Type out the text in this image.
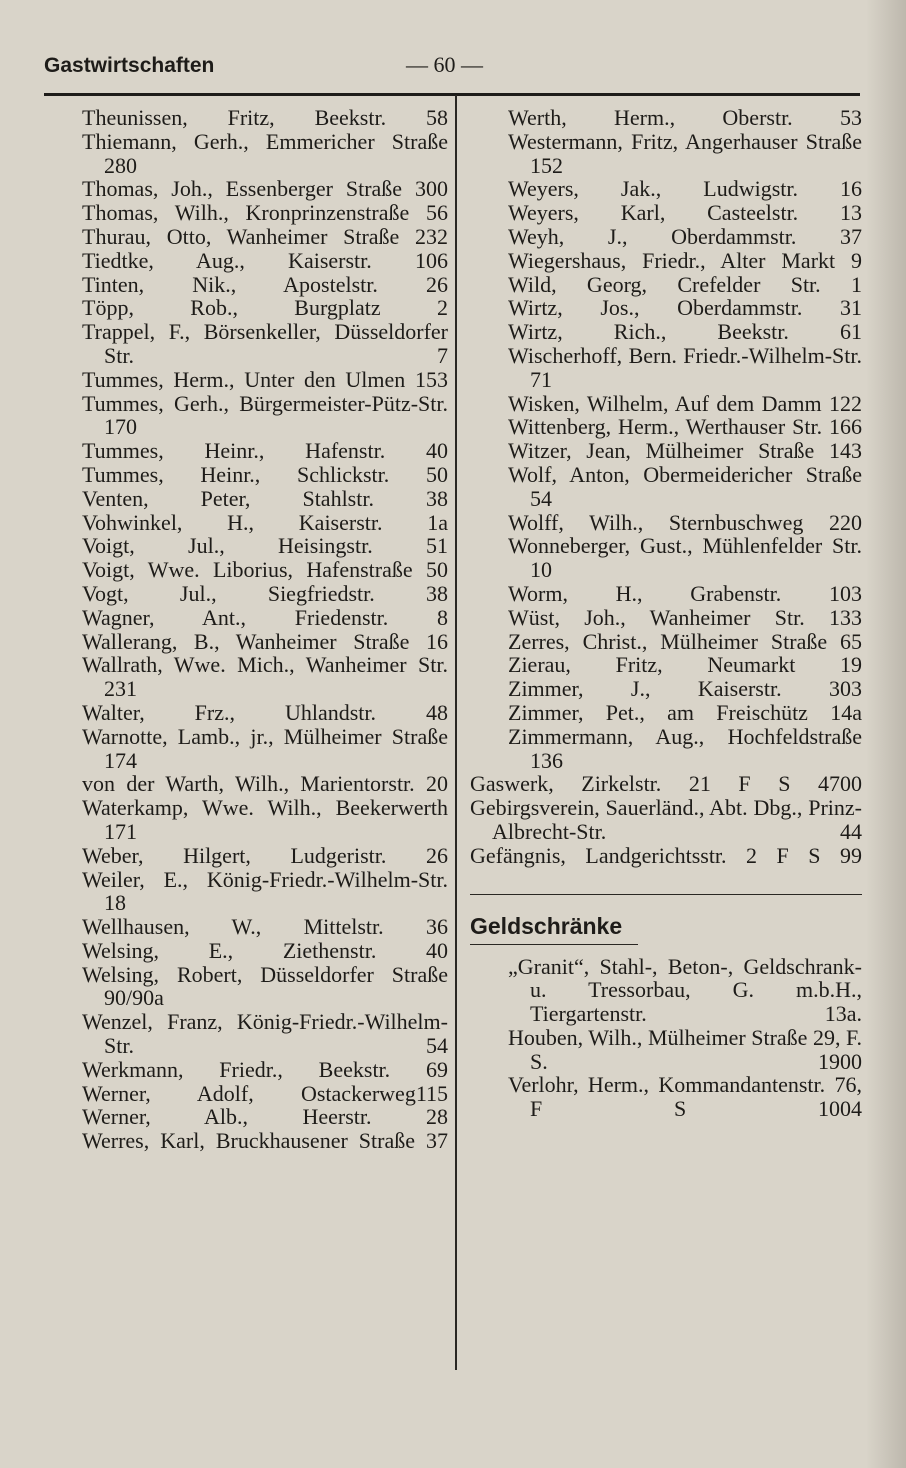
Gastwirtschaften	— 60 —

Theunissen, Fritz, Beekstr. 58

Thiemann, Gerh., Emmericher Straße 280

Thomas, Joh., Essenberger Straße 300

Thomas, Wilh., Kronprinzenstraße 56

Thurau, Otto, Wanheimer Straße 232

Tiedtke, Aug., Kaiserstr. 106

Tinten, Nik., Apostelstr. 26

Töpp, Rob., Burgplatz 2

Trappel, F., Börsenkeller, Düsseldorfer Str. 7

Tummes, Herm., Unter den Ulmen 153

Tummes, Gerh., Bürgermeister-Pütz-Str. 170

Tummes, Heinr., Hafenstr. 40

Tummes, Heinr., Schlickstr. 50

Venten, Peter, Stahlstr. 38

Vohwinkel, H., Kaiserstr. 1a

Voigt, Jul., Heisingstr. 51

Voigt, Wwe. Liborius, Hafenstraße 50

Vogt, Jul., Siegfriedstr. 38

Wagner, Ant., Friedenstr. 8

Wallerang, B., Wanheimer Straße 16

Wallrath, Wwe. Mich., Wanheimer Str. 231

Walter, Frz., Uhlandstr. 48

Warnotte, Lamb., jr., Mülheimer Straße 174

von der Warth, Wilh., Marientorstr. 20

Waterkamp, Wwe. Wilh., Beekerwerth 171

Weber, Hilgert, Ludgeristr. 26

Weiler, E., König-Friedr.-Wilhelm-Str. 18

Wellhausen, W., Mittelstr. 36

Welsing, E., Ziethenstr. 40

Welsing, Robert, Düsseldorfer Straße 90/90a

Wenzel, Franz, König-Friedr.-Wilhelm-Str. 54

Werkmann, Friedr., Beekstr. 69

Werner, Adolf, Ostackerweg115

Werner, Alb., Heerstr. 28

Werres, Karl, Bruckhausener Straße 37

Werth, Herm., Oberstr. 53

Westermann, Fritz, Angerhauser Straße 152

Weyers, Jak., Ludwigstr. 16

Weyers, Karl, Casteelstr. 13

Weyh, J., Oberdammstr. 37

Wiegershaus, Friedr., Alter Markt 9

Wild, Georg, Crefelder Str. 1

Wirtz, Jos., Oberdammstr. 31

Wirtz, Rich., Beekstr. 61

Wischerhoff, Bern. Friedr.-Wilhelm-Str. 71

Wisken, Wilhelm, Auf dem Damm 122

Wittenberg, Herm., Werthauser Str. 166

Witzer, Jean, Mülheimer Straße 143

Wolf, Anton, Obermeidericher Straße 54

Wolff, Wilh., Sternbuschweg 220

Wonneberger, Gust., Mühlenfelder Str. 10

Worm, H., Grabenstr. 103

Wüst, Joh., Wanheimer Str. 133

Zerres, Christ., Mülheimer Straße 65

Zierau, Fritz, Neumarkt 19

Zimmer, J., Kaiserstr. 303

Zimmer, Pet., am Freischütz 14a

Zimmermann, Aug., Hochfeldstraße 136

Gaswerk, Zirkelstr. 21 F S 4700

Gebirgsverein, Sauerländ., Abt. Dbg., Prinz-Albrecht-Str. 44

Gefängnis, Landgerichtsstr. 2 F S 99

Geldschränke

„Granit“, Stahl-, Beton-, Geldschrank- u. Tressorbau, G. m.b.H., Tiergartenstr. 13a.

Houben, Wilh., Mülheimer Straße 29, F. S. 1900

Verlohr, Herm., Kommandantenstr. 76, F S 1004
